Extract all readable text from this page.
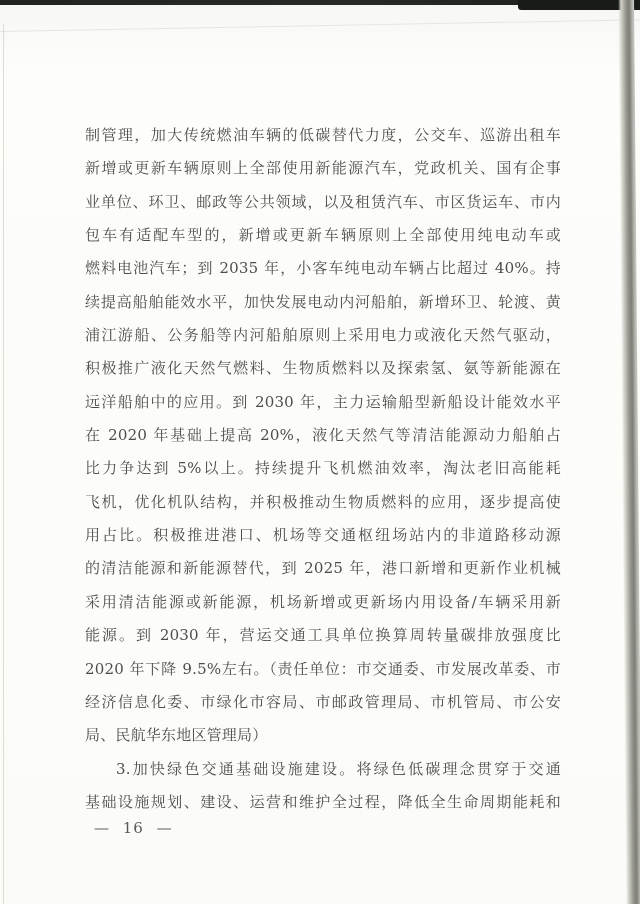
制管理，加大传统燃油车辆的低碳替代力度，公交车、巡游出租车
新增或更新车辆原则上全部使用新能源汽车，党政机关、国有企事
业单位、环卫、邮政等公共领域，以及租赁汽车、市区货运车、市内
包车有适配车型的，新增或更新车辆原则上全部使用纯电动车或
燃料电池汽车；到 2035 年，小客车纯电动车辆占比超过 40%。持
续提高船舶能效水平，加快发展电动内河船舶，新增环卫、轮渡、黄
浦江游船、公务船等内河船舶原则上采用电力或液化天然气驱动，
积极推广液化天然气燃料、生物质燃料以及探索氢、氨等新能源在
远洋船舶中的应用。到 2030 年，主力运输船型新船设计能效水平
在 2020 年基础上提高 20%，液化天然气等清洁能源动力船舶占
比力争达到 5%以上。持续提升飞机燃油效率，淘汰老旧高能耗
飞机，优化机队结构，并积极推动生物质燃料的应用，逐步提高使
用占比。积极推进港口、机场等交通枢纽场站内的非道路移动源
的清洁能源和新能源替代，到 2025 年，港口新增和更新作业机械
采用清洁能源或新能源，机场新增或更新场内用设备/车辆采用新
能源。到 2030 年，营运交通工具单位换算周转量碳排放强度比
2020 年下降 9.5%左右。（责任单位：市交通委、市发展改革委、市
经济信息化委、市绿化市容局、市邮政管理局、市机管局、市公安
局、民航华东地区管理局）
3.加快绿色交通基础设施建设。将绿色低碳理念贯穿于交通
基础设施规划、建设、运营和维护全过程，降低全生命周期能耗和
— 16 —
